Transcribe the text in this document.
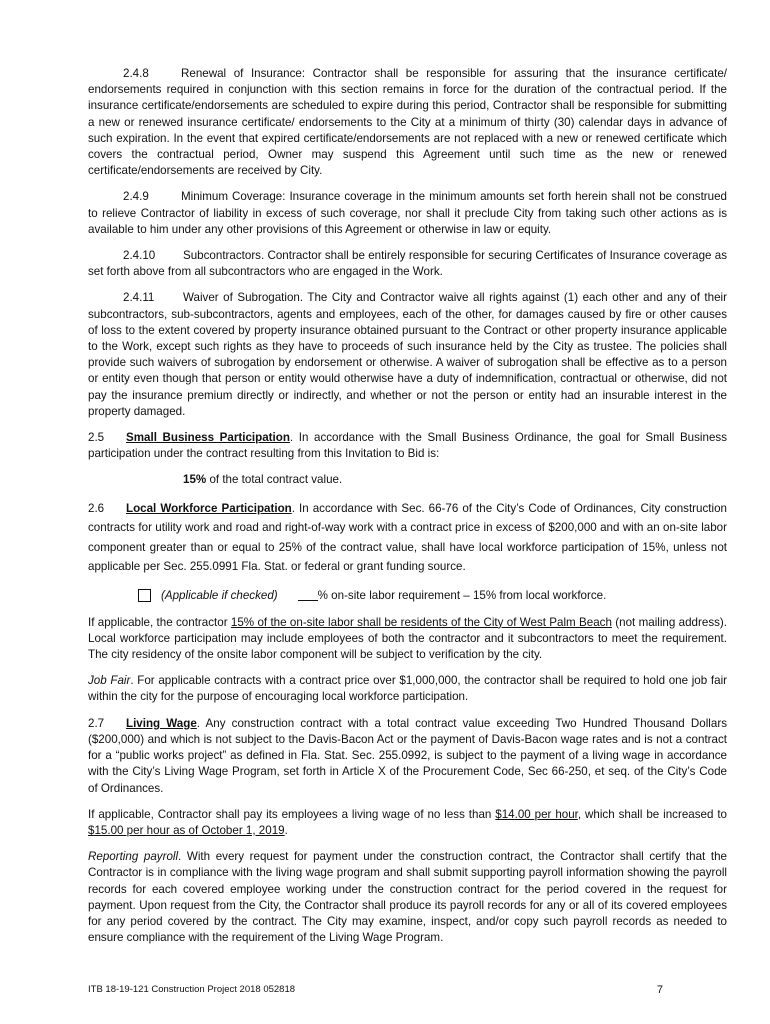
2.4.8	Renewal of Insurance: Contractor shall be responsible for assuring that the insurance certificate/ endorsements required in conjunction with this section remains in force for the duration of the contractual period. If the insurance certificate/endorsements are scheduled to expire during this period, Contractor shall be responsible for submitting a new or renewed insurance certificate/ endorsements to the City at a minimum of thirty (30) calendar days in advance of such expiration. In the event that expired certificate/endorsements are not replaced with a new or renewed certificate which covers the contractual period, Owner may suspend this Agreement until such time as the new or renewed certificate/endorsements are received by City.

2.4.9	Minimum Coverage: Insurance coverage in the minimum amounts set forth herein shall not be construed to relieve Contractor of liability in excess of such coverage, nor shall it preclude City from taking such other actions as is available to him under any other provisions of this Agreement or otherwise in law or equity.

2.4.10 Subcontractors. Contractor shall be entirely responsible for securing Certificates of Insurance coverage as set forth above from all subcontractors who are engaged in the Work.

2.4.11 Waiver of Subrogation. The City and Contractor waive all rights against (1) each other and any of their subcontractors, sub-subcontractors, agents and employees, each of the other, for damages caused by fire or other causes of loss to the extent covered by property insurance obtained pursuant to the Contract or other property insurance applicable to the Work, except such rights as they have to proceeds of such insurance held by the City as trustee. The policies shall provide such waivers of subrogation by endorsement or otherwise. A waiver of subrogation shall be effective as to a person or entity even though that person or entity would otherwise have a duty of indemnification, contractual or otherwise, did not pay the insurance premium directly or indirectly, and whether or not the person or entity had an insurable interest in the property damaged.

2.5 Small Business Participation. In accordance with the Small Business Ordinance, the goal for Small Business participation under the contract resulting from this Invitation to Bid is:

15% of the total contract value.

2.6 Local Workforce Participation. In accordance with Sec. 66-76 of the City’s Code of Ordinances, City construction contracts for utility work and road and right-of-way work with a contract price in excess of $200,000 and with an on-site labor component greater than or equal to 25% of the contract value, shall have local workforce participation of 15%, unless not applicable per Sec. 255.0991 Fla. Stat. or federal or grant funding source.

(Applicable if checked)	% on-site labor requirement – 15% from local workforce.

If applicable, the contractor 15% of the on-site labor shall be residents of the City of West Palm Beach (not mailing address). Local workforce participation may include employees of both the contractor and it subcontractors to meet the requirement. The city residency of the onsite labor component will be subject to verification by the city.

Job Fair. For applicable contracts with a contract price over $1,000,000, the contractor shall be required to hold one job fair within the city for the purpose of encouraging local workforce participation.

2.7 Living Wage. Any construction contract with a total contract value exceeding Two Hundred Thousand Dollars ($200,000) and which is not subject to the Davis-Bacon Act or the payment of Davis-Bacon wage rates and is not a contract for a “public works project” as defined in Fla. Stat. Sec. 255.0992, is subject to the payment of a living wage in accordance with the City’s Living Wage Program, set forth in Article X of the Procurement Code, Sec 66-250, et seq. of the City’s Code of Ordinances.

If applicable, Contractor shall pay its employees a living wage of no less than $14.00 per hour, which shall be increased to $15.00 per hour as of October 1, 2019.

Reporting payroll. With every request for payment under the construction contract, the Contractor shall certify that the Contractor is in compliance with the living wage program and shall submit supporting payroll information showing the payroll records for each covered employee working under the construction contract for the period covered in the request for payment. Upon request from the City, the Contractor shall produce its payroll records for any or all of its covered employees for any period covered by the contract. The City may examine, inspect, and/or copy such payroll records as needed to ensure compliance with the requirement of the Living Wage Program.

ITB 18-19-121 Construction Project 2018 052818	7
